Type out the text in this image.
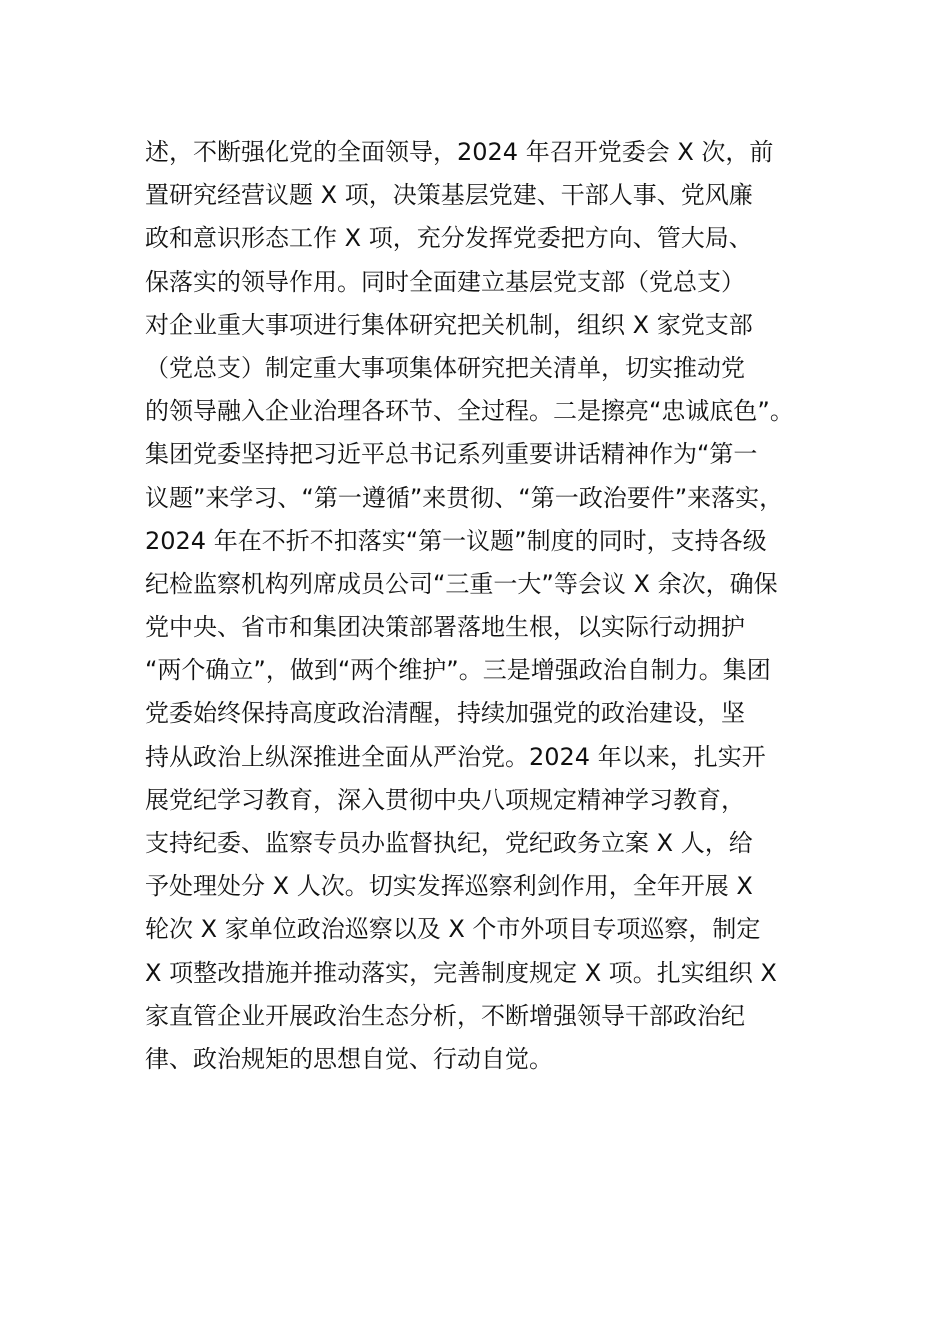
述，不断强化党的全面领导，2024 年召开党委会 X 次，前
置研究经营议题 X 项，决策基层党建、干部人事、党风廉
政和意识形态工作 X 项，充分发挥党委把方向、管大局、
保落实的领导作用。同时全面建立基层党支部（党总支）
对企业重大事项进行集体研究把关机制，组织 X 家党支部
（党总支）制定重大事项集体研究把关清单，切实推动党
的领导融入企业治理各环节、全过程。二是擦亮“忠诚底色”。
集团党委坚持把习近平总书记系列重要讲话精神作为“第一
议题”来学习、“第一遵循”来贯彻、“第一政治要件”来落实，
2024 年在不折不扣落实“第一议题”制度的同时，支持各级
纪检监察机构列席成员公司“三重一大”等会议 X 余次，确保
党中央、省市和集团决策部署落地生根，以实际行动拥护
“两个确立”，做到“两个维护”。三是增强政治自制力。集团
党委始终保持高度政治清醒，持续加强党的政治建设，坚
持从政治上纵深推进全面从严治党。2024 年以来，扎实开
展党纪学习教育，深入贯彻中央八项规定精神学习教育，
支持纪委、监察专员办监督执纪，党纪政务立案 X 人，给
予处理处分 X 人次。切实发挥巡察利剑作用，全年开展 X
轮次 X 家单位政治巡察以及 X 个市外项目专项巡察，制定
X 项整改措施并推动落实，完善制度规定 X 项。扎实组织 X
家直管企业开展政治生态分析，不断增强领导干部政治纪
律、政治规矩的思想自觉、行动自觉。
